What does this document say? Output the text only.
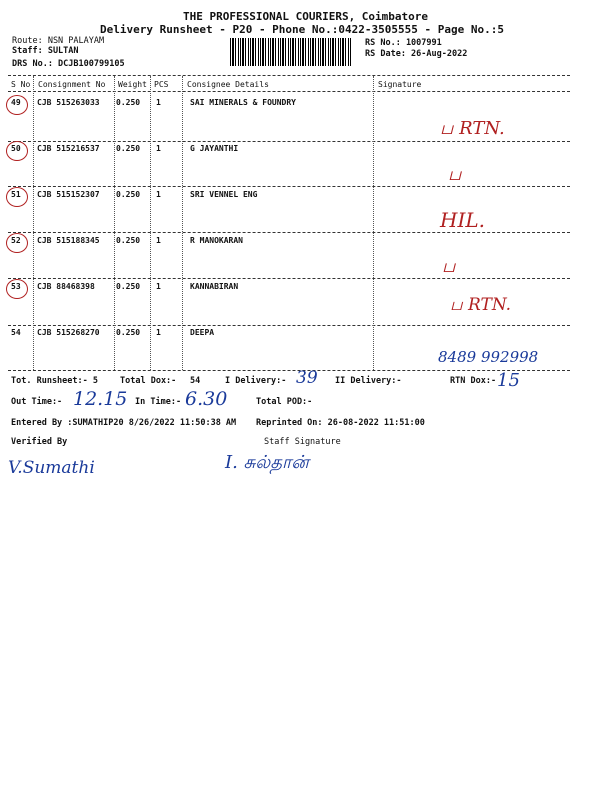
THE PROFESSIONAL COURIERS, Coimbatore
Delivery Runsheet - P20 - Phone No.:0422-3505555 - Page No.:5
Route: NSN PALAYAM
Staff: SULTAN
DRS No.: DCJB100799105
RS No.: 1007991
RS Date: 26-Aug-2022
S No Consignment No Weight PCS Consignee Details	Signature
49 CJB 515263033 0.250 1	SAI MINERALS & FOUNDRY
ப RTN.
50 CJB 515216537 0.250 1	G JAYANTHI
ப
51 CJB 515152307 0.250 1	SRI VENNEL ENG
HIL.
52 CJB 515188345 0.250 1	R MANOKARAN
ப
53 CJB 88468398	0.250 1	KANNABIRAN
ப RTN.
54 CJB 515268270 0.250 1	DEEPA
8489 992998
Tot. Runsheet:- 5	Total Dox:- 54	I Delivery:- 39 II Delivery:-	RTN Dox:- 15
Out Time:- 12.15 In Time:- 6.30	Total POD:-
Entered By :SUMATHIP20 8/26/2022 11:50:38 AM Reprinted On: 26-08-2022 11:51:00
Verified By	Staff Signature
V.Sumathi	I. சுல்தான்
